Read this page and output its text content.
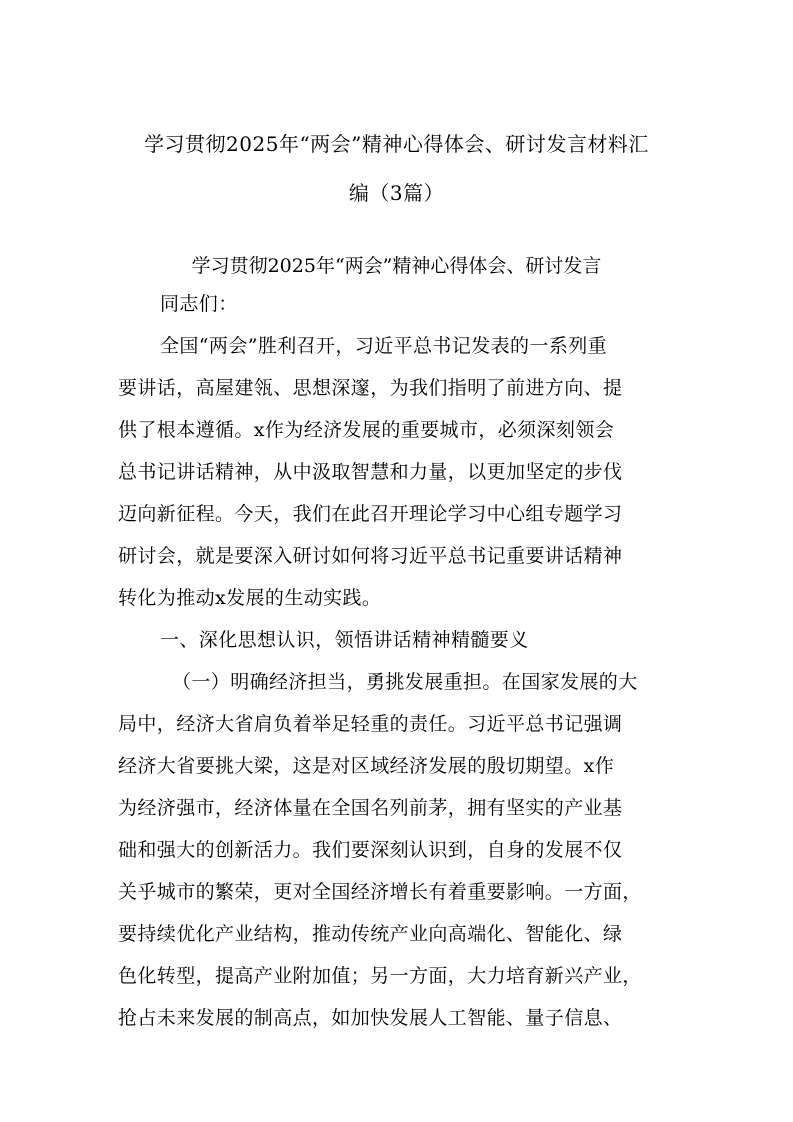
学习贯彻2025年“两会”精神心得体会、研讨发言材料汇
编（3篇）
学习贯彻2025年“两会”精神心得体会、研讨发言
同志们：
全国“两会”胜利召开，习近平总书记发表的一系列重
要讲话，高屋建瓴、思想深邃，为我们指明了前进方向、提
供了根本遵循。x作为经济发展的重要城市，必须深刻领会
总书记讲话精神，从中汲取智慧和力量，以更加坚定的步伐
迈向新征程。今天，我们在此召开理论学习中心组专题学习
研讨会，就是要深入研讨如何将习近平总书记重要讲话精神
转化为推动x发展的生动实践。
一、深化思想认识，领悟讲话精神精髓要义
（一）明确经济担当，勇挑发展重担。在国家发展的大
局中，经济大省肩负着举足轻重的责任。习近平总书记强调
经济大省要挑大梁，这是对区域经济发展的殷切期望。x作
为经济强市，经济体量在全国名列前茅，拥有坚实的产业基
础和强大的创新活力。我们要深刻认识到，自身的发展不仅
关乎城市的繁荣，更对全国经济增长有着重要影响。一方面，
要持续优化产业结构，推动传统产业向高端化、智能化、绿
色化转型，提高产业附加值；另一方面，大力培育新兴产业，
抢占未来发展的制高点，如加快发展人工智能、量子信息、
